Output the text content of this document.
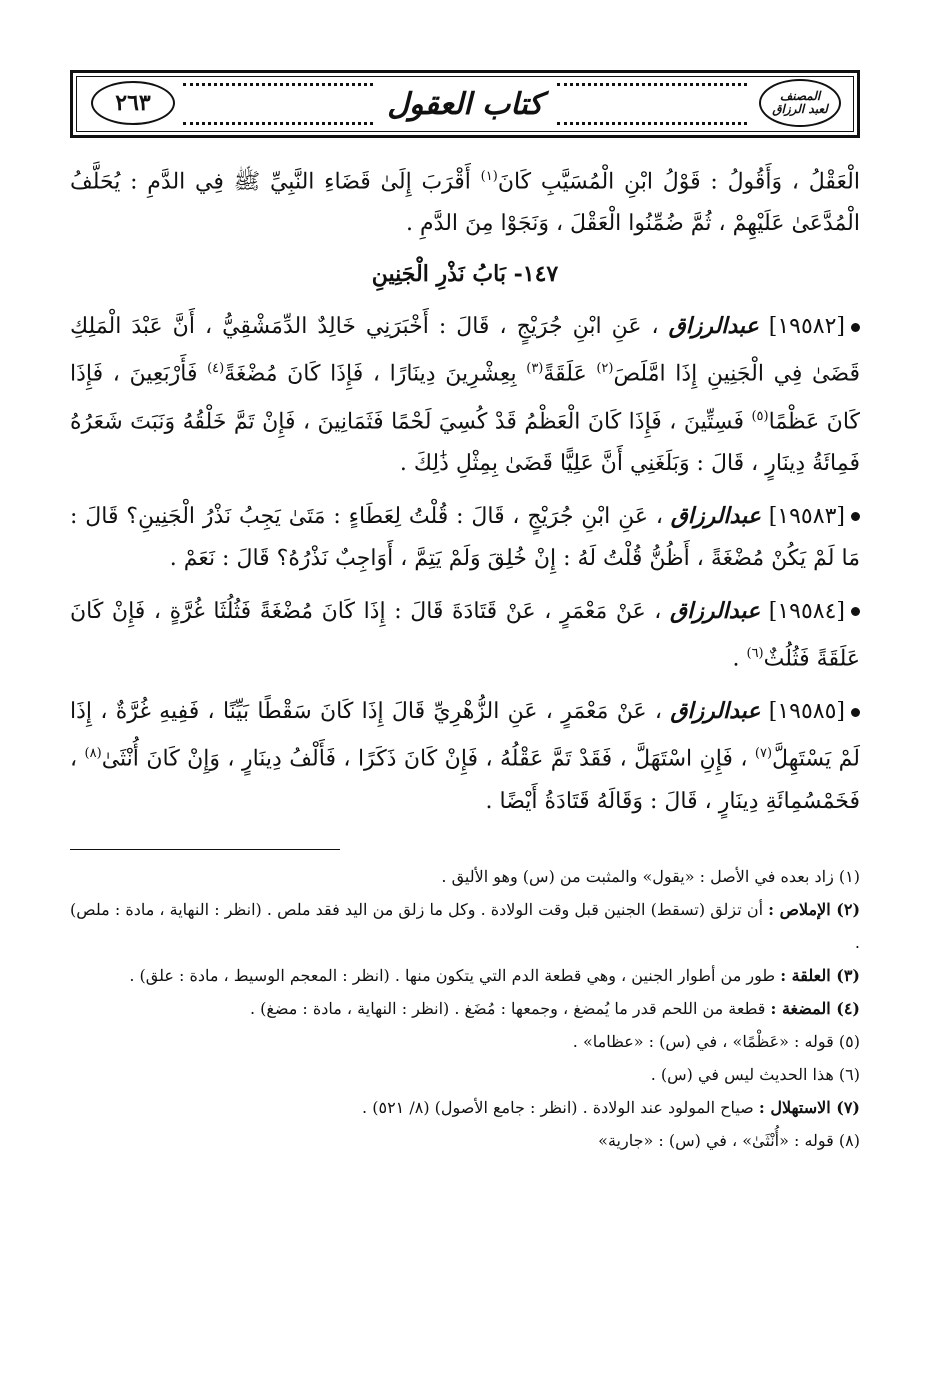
المصنف
لعبد الرزاق
كتاب العقول
٢٦٣

الْعَقْلُ ، وَأَقُولُ : قَوْلُ ابْنِ الْمُسَيَّبِ كَانَ$^{(١)}$ أَقْرَبَ إِلَىٰ قَضَاءِ النَّبِيِّ ﷺ فِي الدَّمِ : يُحَلَّفُ الْمُدَّعَىٰ عَلَيْهِمْ ، ثُمَّ ضُمِّنُوا الْعَقْلَ ، وَنَجَوْا مِنَ الدَّمِ .

١٤٧- بَابُ نَذْرِ الْجَنِينِ

[١٩٥٨٢] عبدالرزاق ، عَنِ ابْنِ جُرَيْجٍ ، قَالَ : أَخْبَرَنِي خَالِدٌ الدِّمَشْقِيُّ ، أَنَّ عَبْدَ الْمَلِكِ قَضَىٰ فِي الْجَنِينِ إِذَا امَّلَصَ$^{(٢)}$ عَلَقَةً$^{(٣)}$ بِعِشْرِينَ دِينَارًا ، فَإِذَا كَانَ مُضْغَةً$^{(٤)}$ فَأَرْبَعِينَ ، فَإِذَا كَانَ عَظْمًا$^{(٥)}$ فَسِتِّينَ ، فَإِذَا كَانَ الْعَظْمُ قَدْ كُسِيَ لَحْمًا فَثَمَانِينَ ، فَإِنْ تَمَّ خَلْقُهُ وَنَبَتَ شَعَرُهُ فَمِائَةُ دِينَارٍ ، قَالَ : وَبَلَغَنِي أَنَّ عَلِيًّا قَضَىٰ بِمِثْلِ ذَٰلِكَ .

[١٩٥٨٣] عبدالرزاق ، عَنِ ابْنِ جُرَيْجٍ ، قَالَ : قُلْتُ لِعَطَاءٍ : مَتَىٰ يَجِبُ نَذْرُ الْجَنِينِ؟ قَالَ : مَا لَمْ يَكُنْ مُضْغَةً ، أَظُنُّ قُلْتُ لَهُ : إِنْ خُلِقَ وَلَمْ يَتِمَّ ، أَوَاجِبٌ نَذْرُهُ؟ قَالَ : نَعَمْ .

[١٩٥٨٤] عبدالرزاق ، عَنْ مَعْمَرٍ ، عَنْ قَتَادَةَ قَالَ : إِذَا كَانَ مُضْغَةً فَثُلُثَا غُرَّةٍ ، فَإِنْ كَانَ عَلَقَةً فَثُلُثٌ$^{(٦)}$ .

[١٩٥٨٥] عبدالرزاق ، عَنْ مَعْمَرٍ ، عَنِ الزُّهْرِيِّ قَالَ إِذَا كَانَ سَقْطًا بَيِّنًا ، فَفِيهِ غُرَّةٌ ، إِذَا لَمْ يَسْتَهِلَّ$^{(٧)}$ ، فَإِنِ اسْتَهَلَّ ، فَقَدْ تَمَّ عَقْلُهُ ، فَإِنْ كَانَ ذَكَرًا ، فَأَلْفُ دِينَارٍ ، وَإِنْ كَانَ أُنْثَىٰ$^{(٨)}$ ، فَخَمْسُمِائَةِ دِينَارٍ ، قَالَ : وَقَالَهُ قَتَادَةُ أَيْضًا .

(١) زاد بعده في الأصل : «يقول» والمثبت من (س) وهو الأليق .

(٢) الإملاص : أن تزلق (تسقط) الجنين قبل وقت الولادة . وكل ما زلق من اليد فقد ملص . (انظر : النهاية ، مادة : ملص) .

(٣) العلقة : طور من أطوار الجنين ، وهي قطعة الدم التي يتكون منها . (انظر : المعجم الوسيط ، مادة : علق) .

(٤) المضغة : قطعة من اللحم قدر ما يُمضغ ، وجمعها : مُضَغ . (انظر : النهاية ، مادة : مضغ) .

(٥) قوله : «عَظْمًا» ، في (س) : «عظاما» .

(٦) هذا الحديث ليس في (س) .

(٧) الاستهلال : صياح المولود عند الولادة . (انظر : جامع الأصول) (٨/ ٥٢١) .

(٨) قوله : «أُنْثَىٰ» ، في (س) : «جارية»
